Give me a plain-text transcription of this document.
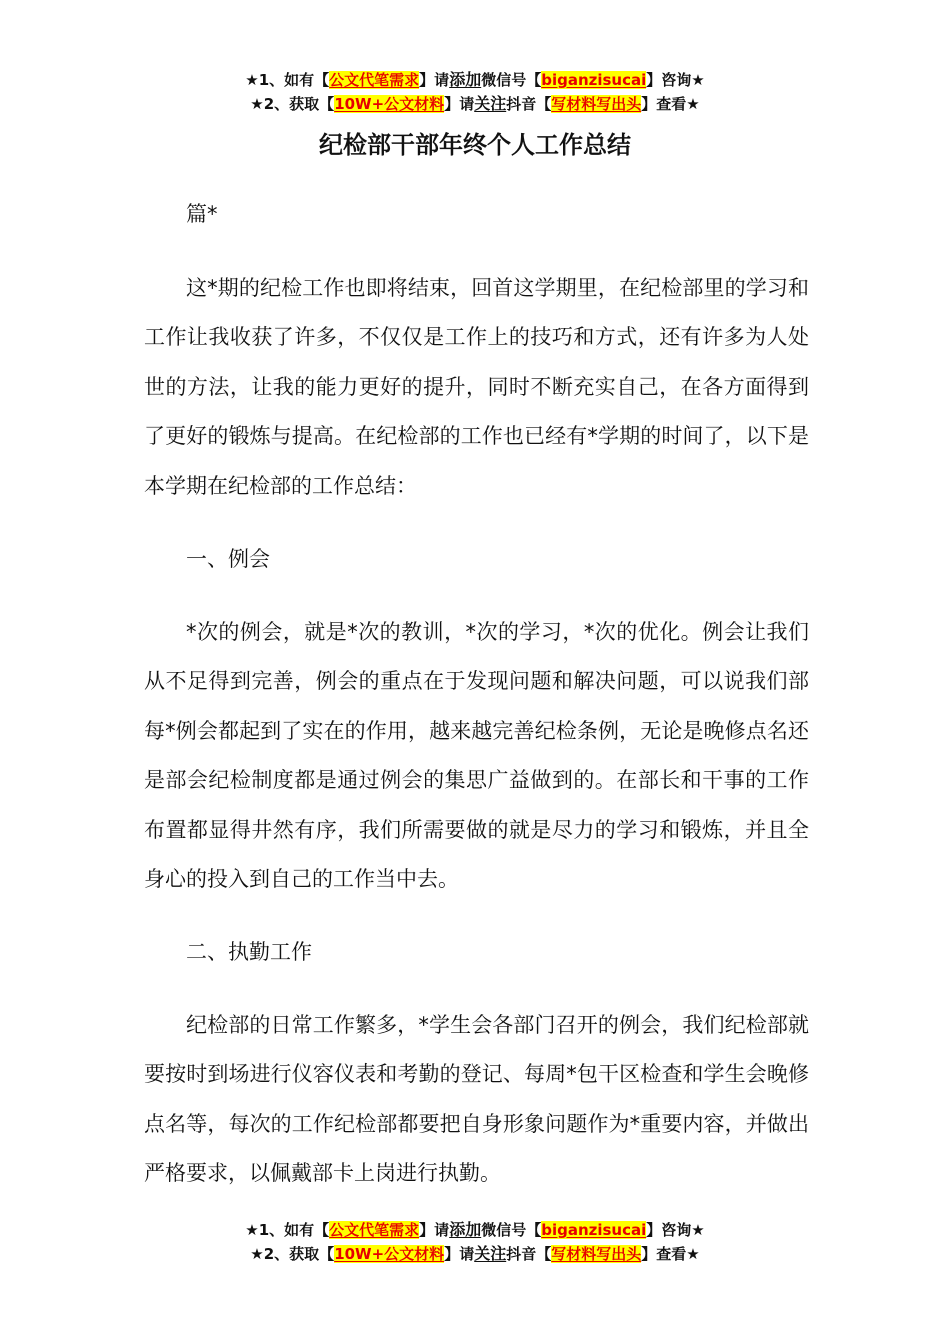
★1、如有【公文代笔需求】请添加微信号【biganzisucai】咨询★
★2、获取【10W+公文材料】请关注抖音【写材料写出头】查看★
纪检部干部年终个人工作总结

篇*

这*期的纪检工作也即将结束，回首这学期里，在纪检部里的学习和工作让我收获了许多，不仅仅是工作上的技巧和方式，还有许多为人处世的方法，让我的能力更好的提升，同时不断充实自己，在各方面得到了更好的锻炼与提高。在纪检部的工作也已经有*学期的时间了，以下是本学期在纪检部的工作总结：

一、例会

*次的例会，就是*次的教训，*次的学习，*次的优化。例会让我们从不足得到完善，例会的重点在于发现问题和解决问题，可以说我们部每*例会都起到了实在的作用，越来越完善纪检条例，无论是晚修点名还是部会纪检制度都是通过例会的集思广益做到的。在部长和干事的工作布置都显得井然有序，我们所需要做的就是尽力的学习和锻炼，并且全身心的投入到自己的工作当中去。

二、执勤工作

纪检部的日常工作繁多，*学生会各部门召开的例会，我们纪检部就要按时到场进行仪容仪表和考勤的登记、每周*包干区检查和学生会晚修点名等，每次的工作纪检部都要把自身形象问题作为*重要内容，并做出严格要求，以佩戴部卡上岗进行执勤。

★1、如有【公文代笔需求】请添加微信号【biganzisucai】咨询★
★2、获取【10W+公文材料】请关注抖音【写材料写出头】查看★
